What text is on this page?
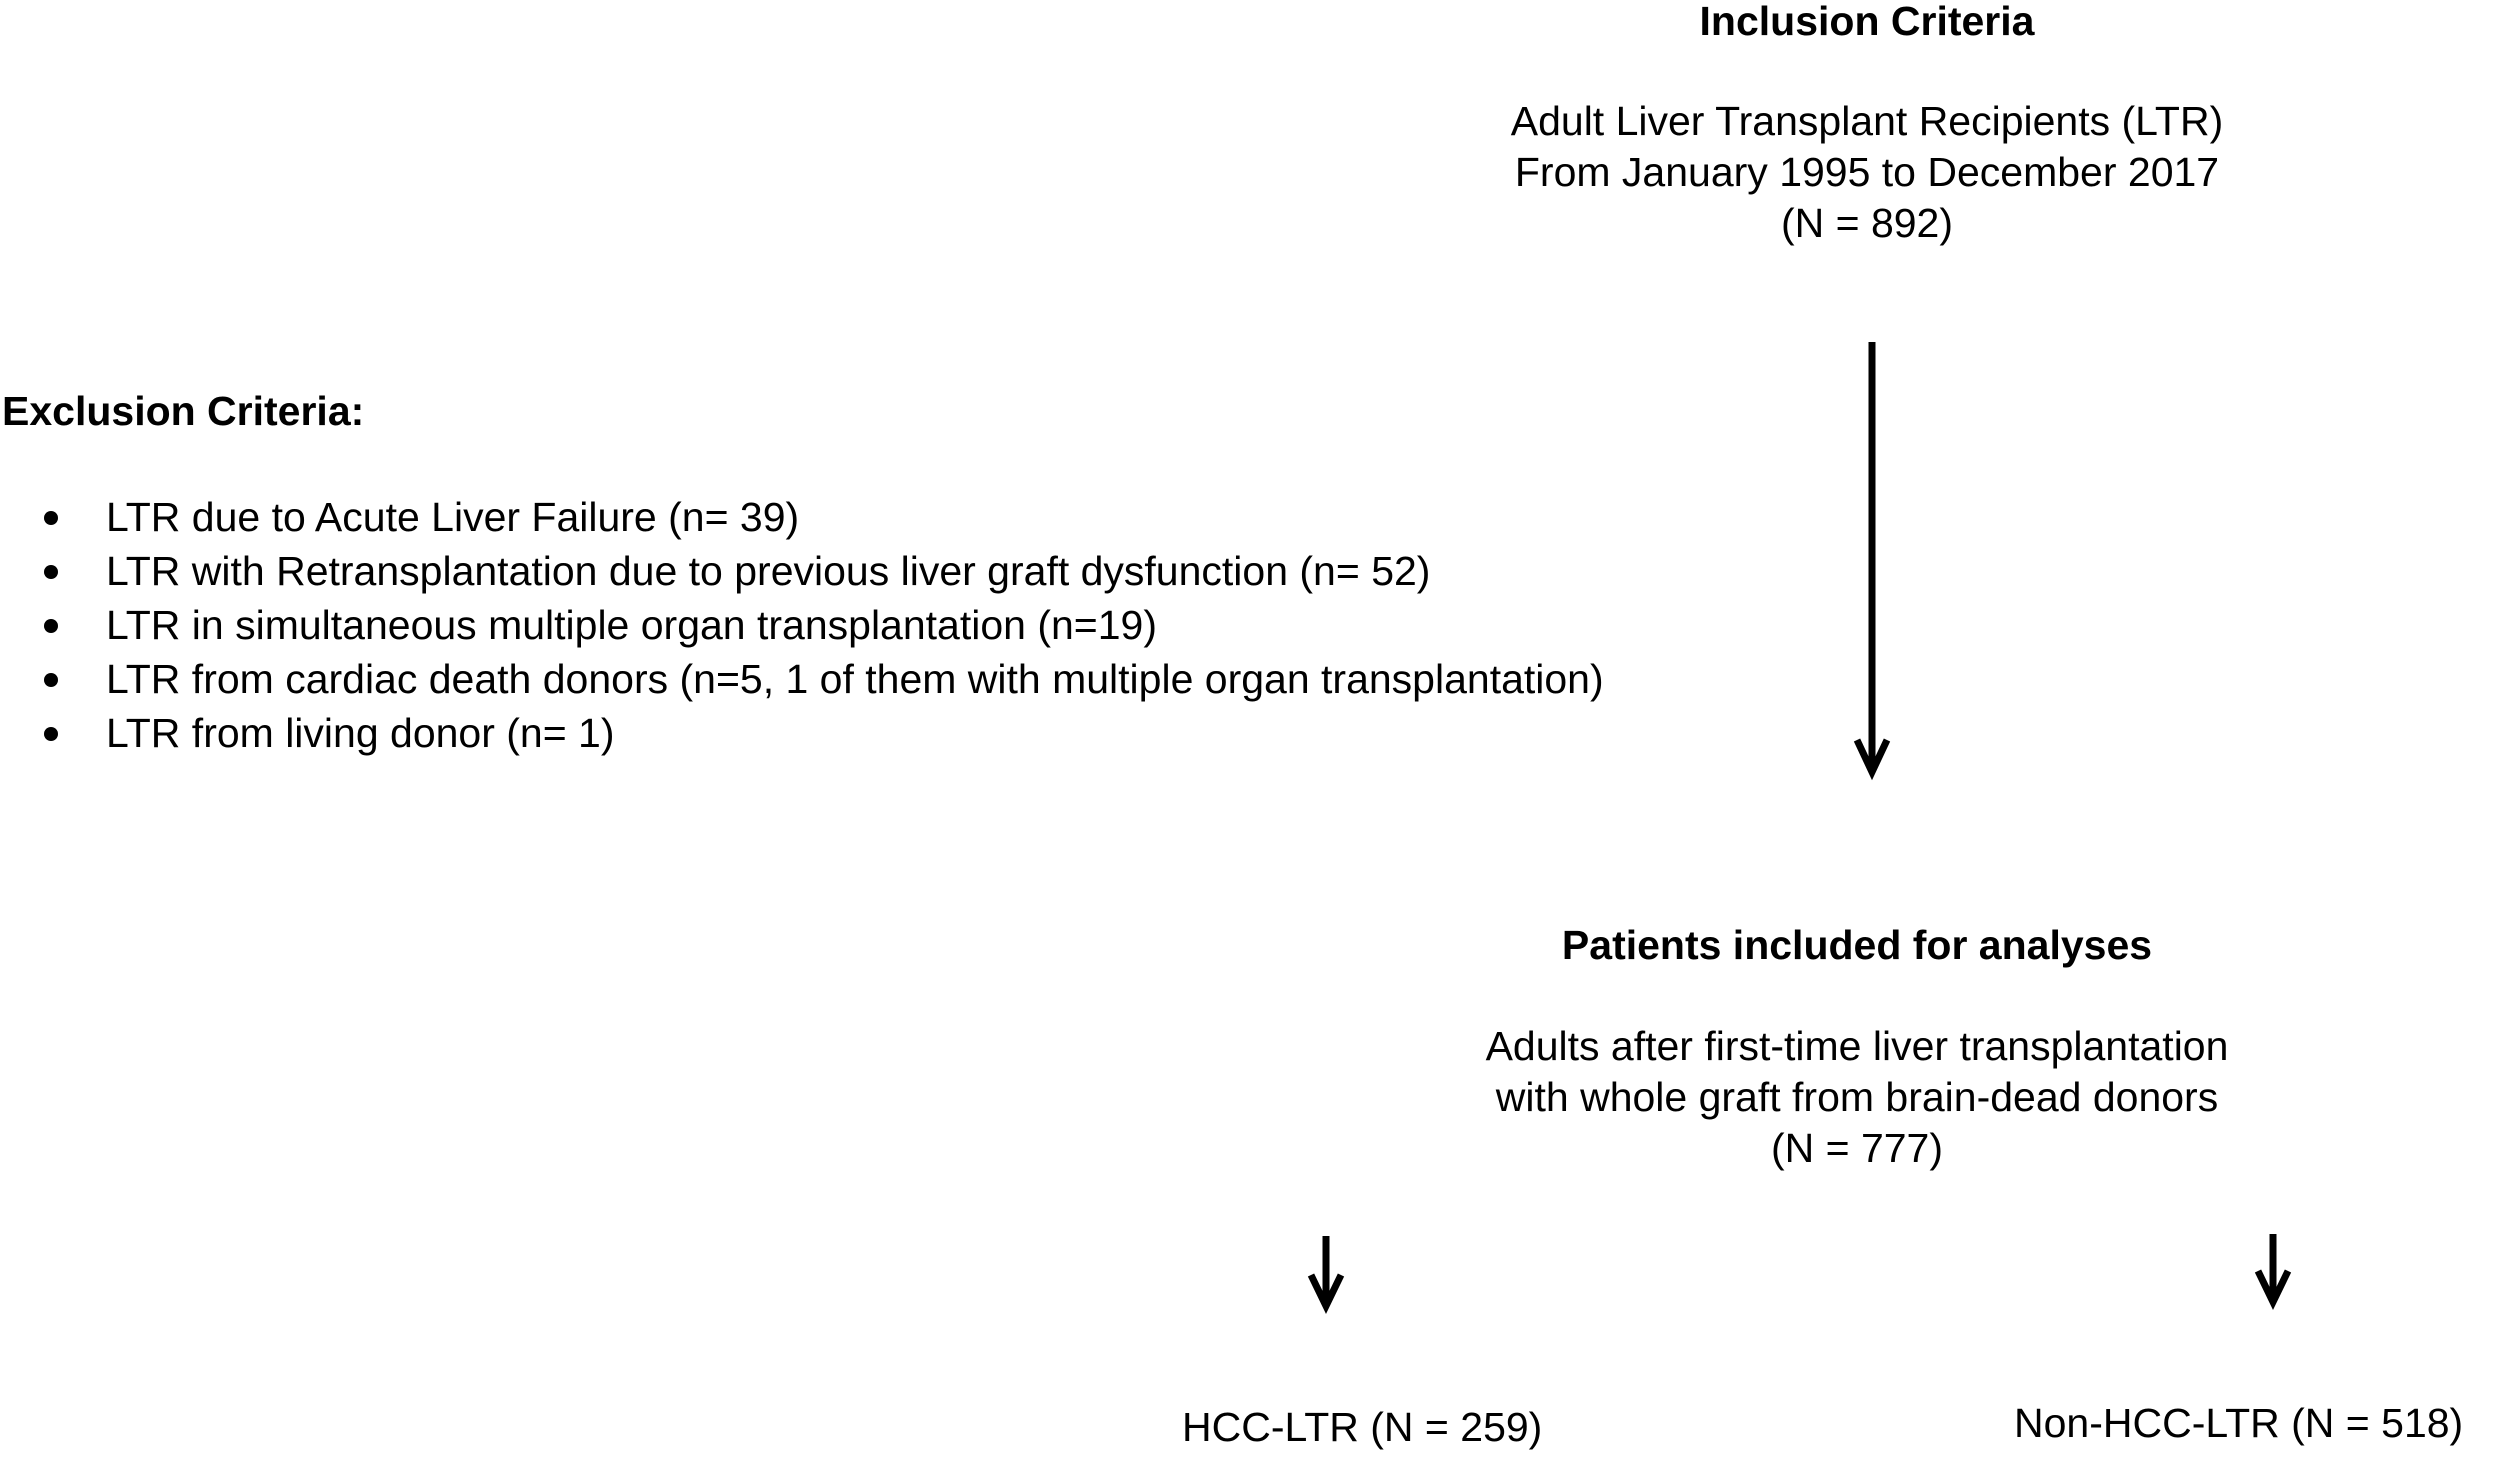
Inclusion Criteria
Adult Liver Transplant Recipients (LTR)
From January 1995 to December 2017
(N = 892)
Exclusion Criteria:
LTR due to Acute Liver Failure (n= 39)
LTR with Retransplantation due to previous liver graft dysfunction (n= 52)
LTR in simultaneous multiple organ transplantation (n=19)
LTR from cardiac death donors (n=5, 1 of them with multiple organ transplantation)
LTR from living donor (n= 1)
Patients included for analyses
Adults after first-time liver transplantation
with whole graft from brain-dead donors
(N = 777)
HCC-LTR (N = 259)	Non-HCC-LTR (N = 518)
